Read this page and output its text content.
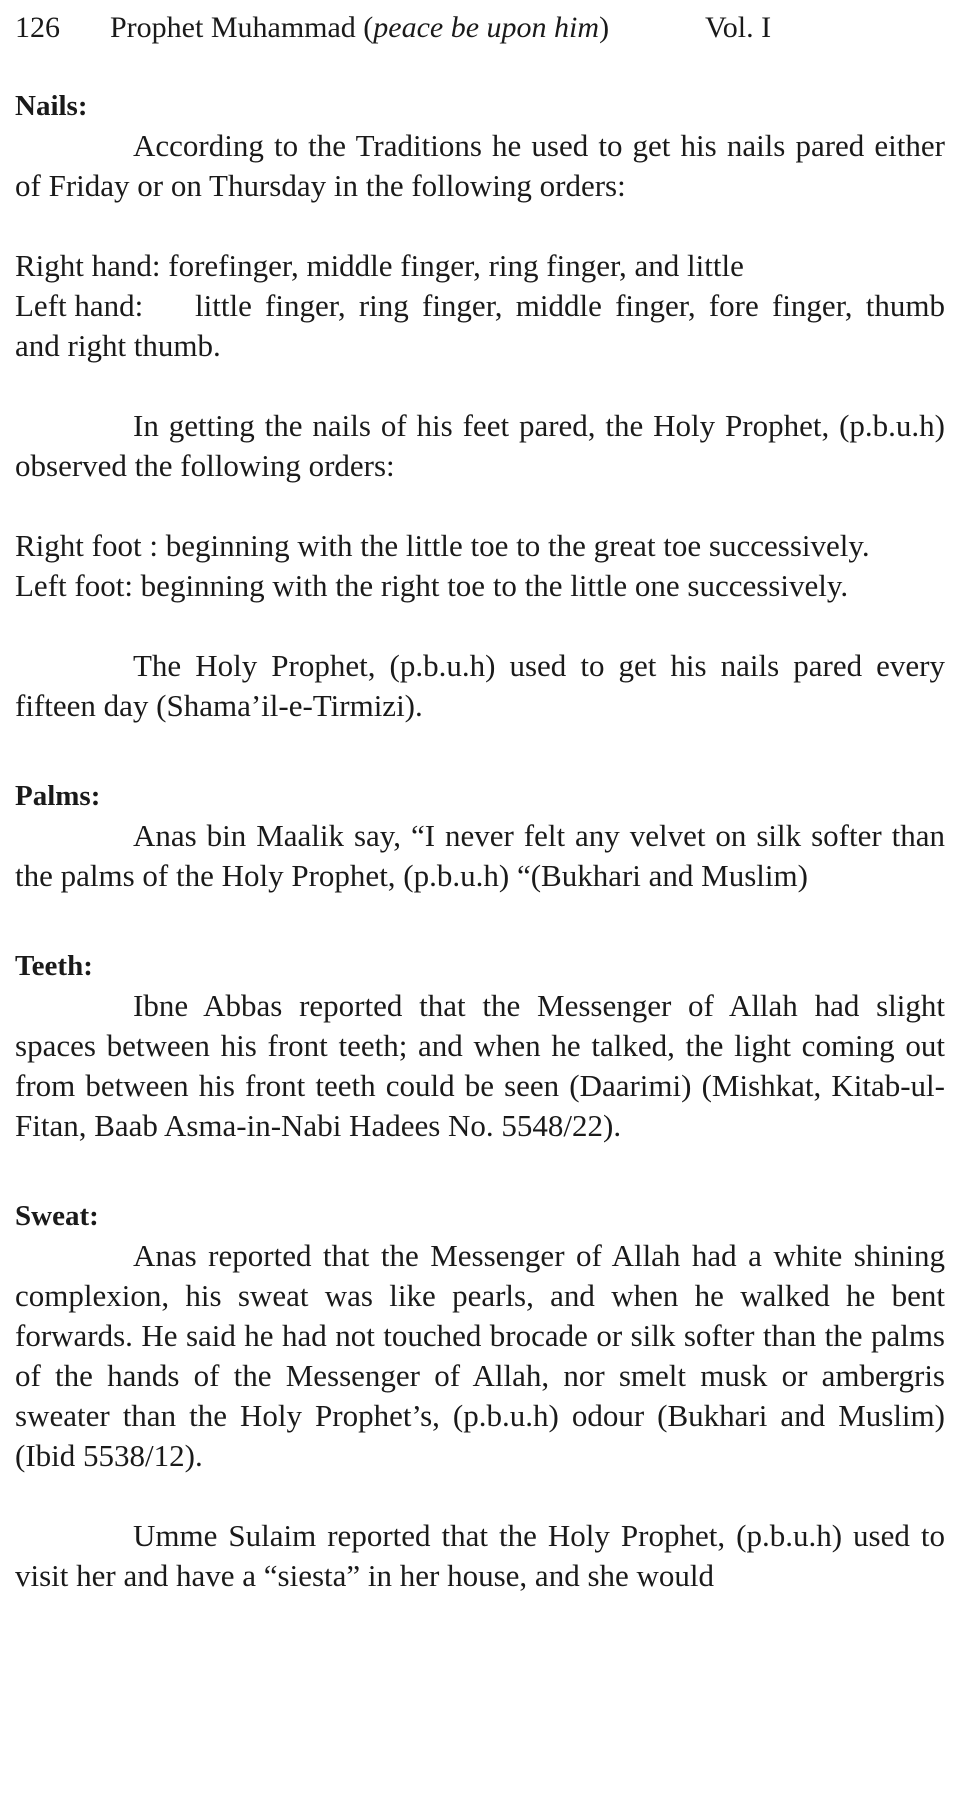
126	Prophet Muhammad (peace be upon him)	Vol. I
Nails:

According to the Traditions he used to get his nails pared either of Friday or on Thursday in the following orders:

Right hand: forefinger, middle finger, ring finger, and little

Left hand: little finger, ring finger, middle finger, fore finger, thumb and right thumb.

In getting the nails of his feet pared, the Holy Prophet, (p.b.u.h) observed the following orders:

Right foot : beginning with the little toe to the great toe successively.

Left foot: beginning with the right toe to the little one successively.

The Holy Prophet, (p.b.u.h) used to get his nails pared every fifteen day (Shama’il-e-Tirmizi).

Palms:

Anas bin Maalik say, “I never felt any velvet on silk softer than the palms of the Holy Prophet, (p.b.u.h) “(Bukhari and Muslim)

Teeth:

Ibne Abbas reported that the Messenger of Allah had slight spaces between his front teeth; and when he talked, the light coming out from between his front teeth could be seen (Daarimi) (Mishkat, Kitab-ul-Fitan, Baab Asma-in-Nabi Hadees No. 5548/22).

Sweat:

Anas reported that the Messenger of Allah had a white shining complexion, his sweat was like pearls, and when he walked he bent forwards. He said he had not touched brocade or silk softer than the palms of the hands of the Messenger of Allah, nor smelt musk or ambergris sweater than the Holy Prophet’s, (p.b.u.h) odour (Bukhari and Muslim) (Ibid 5538/12).

Umme Sulaim reported that the Holy Prophet, (p.b.u.h) used to visit her and have a “siesta” in her house, and she would
